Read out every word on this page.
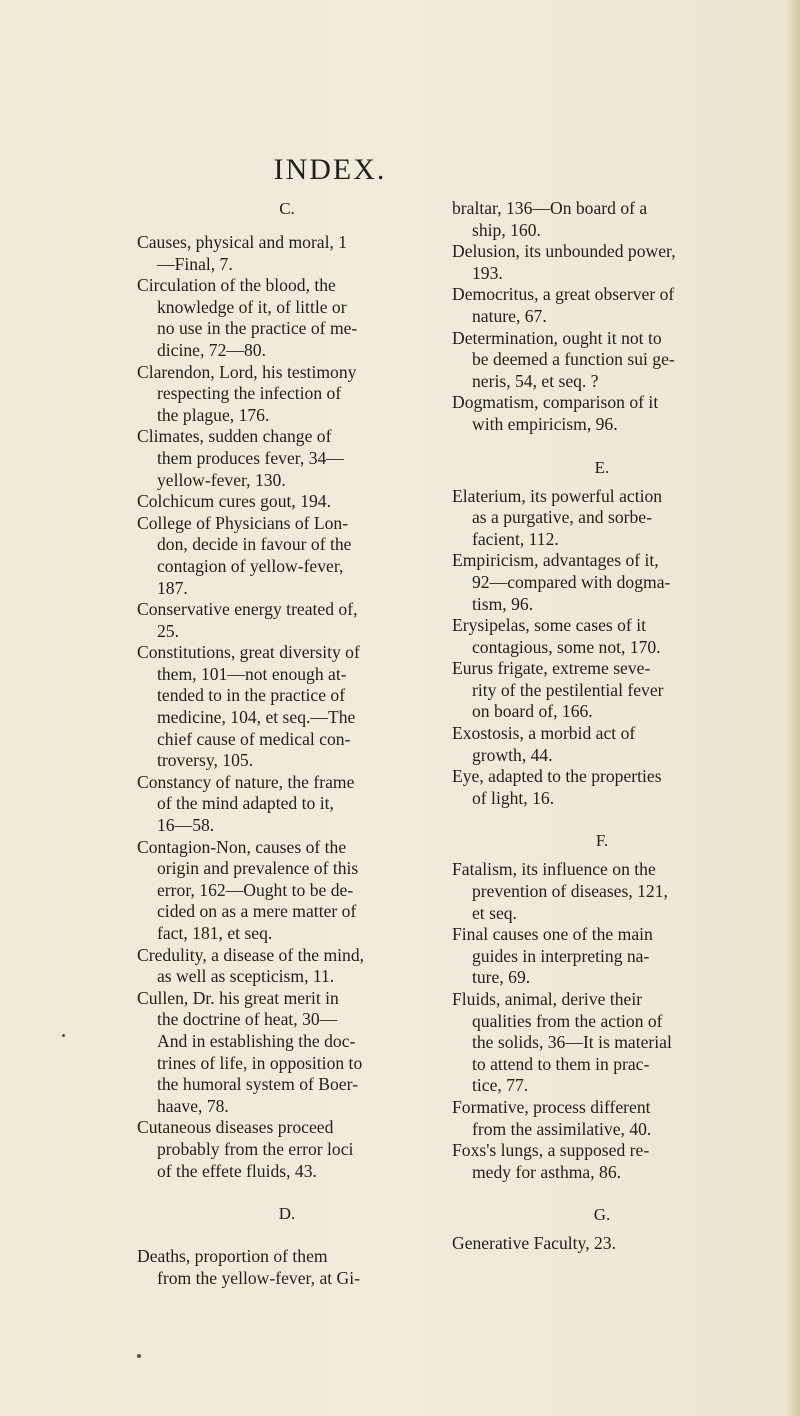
INDEX.
C.

Causes, physical and moral, 1
—Final, 7.

Circulation of the blood, the
knowledge of it, of little or
no use in the practice of me-
dicine, 72—80.

Clarendon, Lord, his testimony
respecting the infection of
the plague, 176.

Climates, sudden change of
them produces fever, 34—
yellow-fever, 130.

Colchicum cures gout, 194.

College of Physicians of Lon-
don, decide in favour of the
contagion of yellow-fever,
187.

Conservative energy treated of,
25.

Constitutions, great diversity of
them, 101—not enough at-
tended to in the practice of
medicine, 104, et seq.—The
chief cause of medical con-
troversy, 105.

Constancy of nature, the frame
of the mind adapted to it,
16—58.

Contagion-Non, causes of the
origin and prevalence of this
error, 162—Ought to be de-
cided on as a mere matter of
fact, 181, et seq.

Credulity, a disease of the mind,
as well as scepticism, 11.

Cullen, Dr. his great merit in
the doctrine of heat, 30—
And in establishing the doc-
trines of life, in opposition to
the humoral system of Boer-
haave, 78.

Cutaneous diseases proceed
probably from the error loci
of the effete fluids, 43.

D.

Deaths, proportion of them
from the yellow-fever, at Gi-

braltar, 136—On board of a
ship, 160.

Delusion, its unbounded power,
193.

Democritus, a great observer of
nature, 67.

Determination, ought it not to
be deemed a function sui ge-
neris, 54, et seq. ?

Dogmatism, comparison of it
with empiricism, 96.

E.

Elaterium, its powerful action
as a purgative, and sorbe-
facient, 112.

Empiricism, advantages of it,
92—compared with dogma-
tism, 96.

Erysipelas, some cases of it
contagious, some not, 170.

Eurus frigate, extreme seve-
rity of the pestilential fever
on board of, 166.

Exostosis, a morbid act of
growth, 44.

Eye, adapted to the properties
of light, 16.

F.

Fatalism, its influence on the
prevention of diseases, 121,
et seq.

Final causes one of the main
guides in interpreting na-
ture, 69.

Fluids, animal, derive their
qualities from the action of
the solids, 36—It is material
to attend to them in prac-
tice, 77.

Formative, process different
from the assimilative, 40.

Foxs's lungs, a supposed re-
medy for asthma, 86.

G.

Generative Faculty, 23.
